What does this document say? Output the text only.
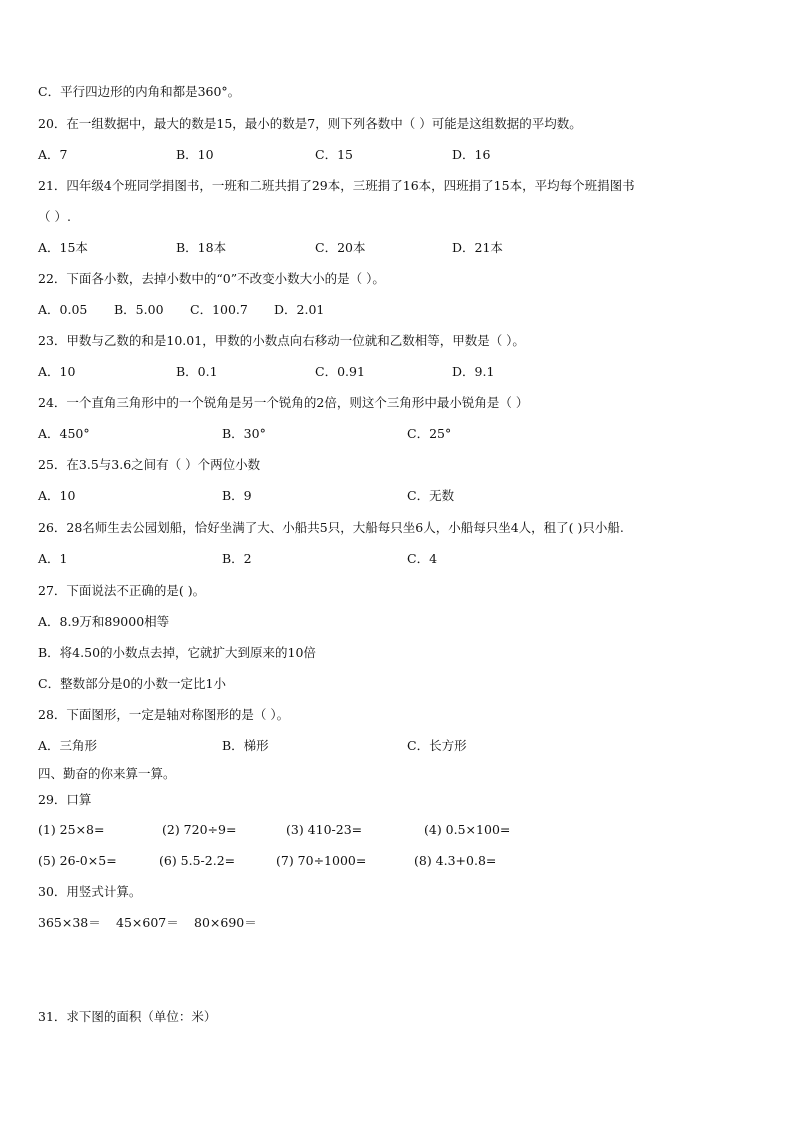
C．平行四边形的内角和都是360°。
20．在一组数据中，最大的数是15，最小的数是7，则下列各数中（ ）可能是这组数据的平均数。
A．7	B．10	C．15	D．16
21．四年级4个班同学捐图书，一班和二班共捐了29本，三班捐了16本，四班捐了15本，平均每个班捐图书
（ ）.
A．15本	B．18本	C．20本	D．21本
22．下面各小数，去掉小数中的“0”不改变小数大小的是（ ）。
A．0.05 B．5.00 C．100.7 D．2.01
23．甲数与乙数的和是10.01，甲数的小数点向右移动一位就和乙数相等，甲数是（ ）。
A．10	B．0.1	C．0.91	D．9.1
24．一个直角三角形中的一个锐角是另一个锐角的2倍，则这个三角形中最小锐角是（ ）
A．450°	B．30°	C．25°
25．在3.5与3.6之间有（ ）个两位小数
A．10	B．9	C．无数
26．28名师生去公园划船，恰好坐满了大、小船共5只，大船每只坐6人，小船每只坐4人，租了( )只小船.
A．1	B．2	C．4
27．下面说法不正确的是( )。
A．8.9万和89000相等
B．将4.50的小数点去掉，它就扩大到原来的10倍
C．整数部分是0的小数一定比1小
28．下面图形，一定是轴对称图形的是（ ）。
A．三角形	B．梯形	C．长方形
四、勤奋的你来算一算。
29．口算
(1) 25×8=	(2) 720÷9=	(3) 410-23=	(4) 0.5×100=
(5) 26-0×5=	(6) 5.5-2.2=	(7) 70÷1000=	(8) 4.3+0.8=
30．用竖式计算。
365×38＝ 45×607＝ 80×690＝
31．求下图的面积（单位：米）
